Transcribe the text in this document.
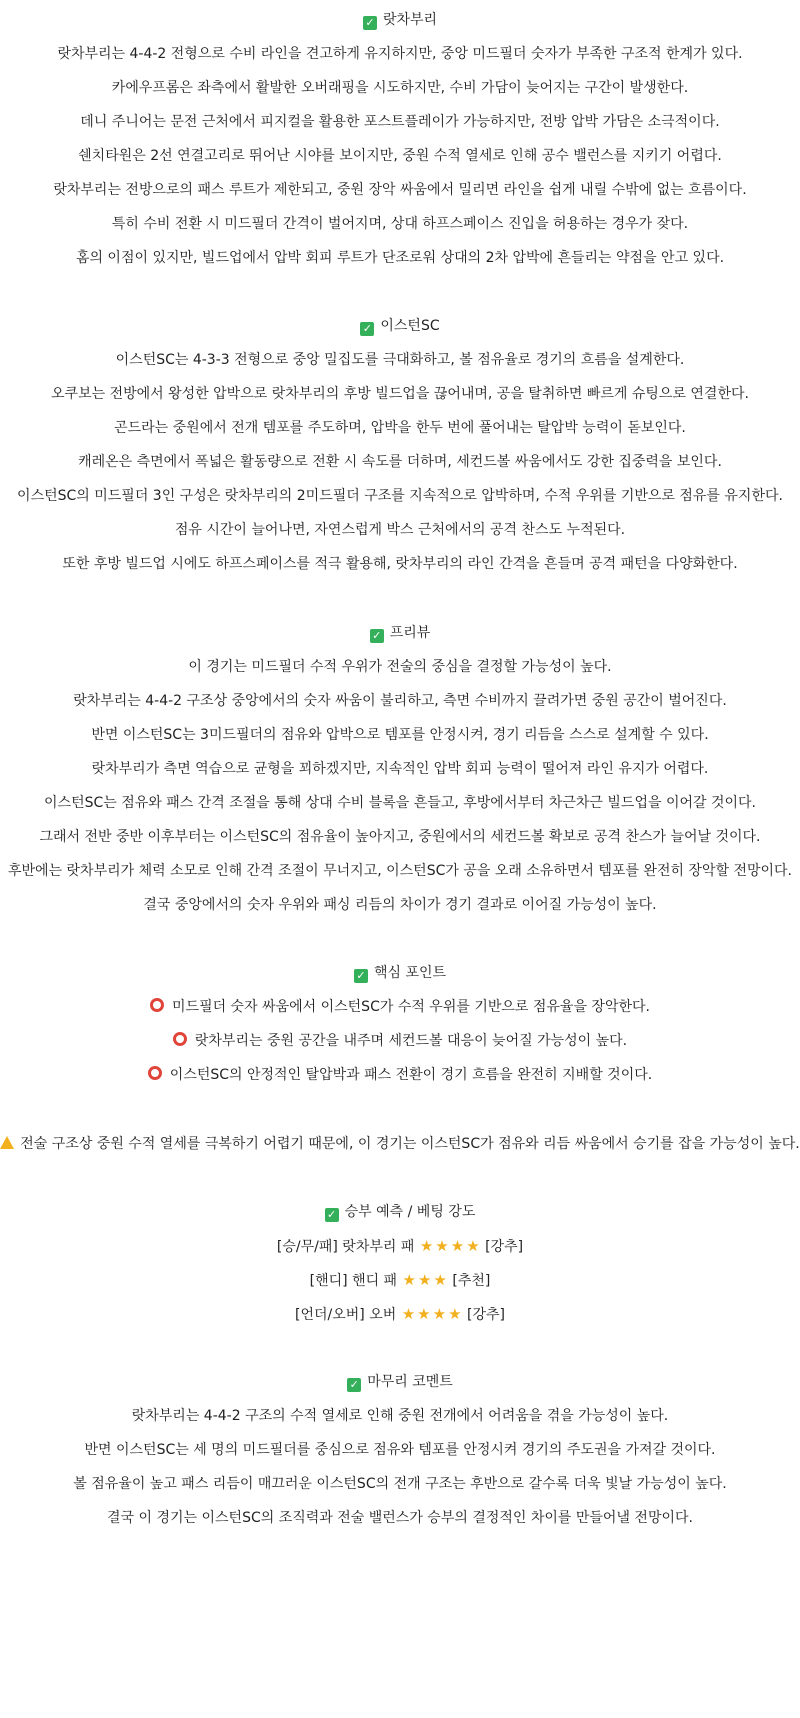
✓ 랏차부리
랏차부리는 4-4-2 전형으로 수비 라인을 견고하게 유지하지만, 중앙 미드필더 숫자가 부족한 구조적 한계가 있다.
카에우프롬은 좌측에서 활발한 오버래핑을 시도하지만, 수비 가담이 늦어지는 구간이 발생한다.
데니 주니어는 문전 근처에서 피지컬을 활용한 포스트플레이가 가능하지만, 전방 압박 가담은 소극적이다.
쉔치타원은 2선 연결고리로 뛰어난 시야를 보이지만, 중원 수적 열세로 인해 공수 밸런스를 지키기 어렵다.
랏차부리는 전방으로의 패스 루트가 제한되고, 중원 장악 싸움에서 밀리면 라인을 쉽게 내릴 수밖에 없는 흐름이다.
특히 수비 전환 시 미드필더 간격이 벌어지며, 상대 하프스페이스 진입을 허용하는 경우가 잦다.
홈의 이점이 있지만, 빌드업에서 압박 회피 루트가 단조로워 상대의 2차 압박에 흔들리는 약점을 안고 있다.
✓ 이스턴SC
이스턴SC는 4-3-3 전형으로 중앙 밀집도를 극대화하고, 볼 점유율로 경기의 흐름을 설계한다.
오쿠보는 전방에서 왕성한 압박으로 랏차부리의 후방 빌드업을 끊어내며, 공을 탈취하면 빠르게 슈팅으로 연결한다.
곤드라는 중원에서 전개 템포를 주도하며, 압박을 한두 번에 풀어내는 탈압박 능력이 돋보인다.
캐레온은 측면에서 폭넓은 활동량으로 전환 시 속도를 더하며, 세컨드볼 싸움에서도 강한 집중력을 보인다.
이스턴SC의 미드필더 3인 구성은 랏차부리의 2미드필더 구조를 지속적으로 압박하며, 수적 우위를 기반으로 점유를 유지한다.
점유 시간이 늘어나면, 자연스럽게 박스 근처에서의 공격 찬스도 누적된다.
또한 후방 빌드업 시에도 하프스페이스를 적극 활용해, 랏차부리의 라인 간격을 흔들며 공격 패턴을 다양화한다.
✓ 프리뷰
이 경기는 미드필더 수적 우위가 전술의 중심을 결정할 가능성이 높다.
랏차부리는 4-4-2 구조상 중앙에서의 숫자 싸움이 불리하고, 측면 수비까지 끌려가면 중원 공간이 벌어진다.
반면 이스턴SC는 3미드필더의 점유와 압박으로 템포를 안정시켜, 경기 리듬을 스스로 설계할 수 있다.
랏차부리가 측면 역습으로 균형을 꾀하겠지만, 지속적인 압박 회피 능력이 떨어져 라인 유지가 어렵다.
이스턴SC는 점유와 패스 간격 조절을 통해 상대 수비 블록을 흔들고, 후방에서부터 차근차근 빌드업을 이어갈 것이다.
그래서 전반 중반 이후부터는 이스턴SC의 점유율이 높아지고, 중원에서의 세컨드볼 확보로 공격 찬스가 늘어날 것이다.
후반에는 랏차부리가 체력 소모로 인해 간격 조절이 무너지고, 이스턴SC가 공을 오래 소유하면서 템포를 완전히 장악할 전망이다.
결국 중앙에서의 숫자 우위와 패싱 리듬의 차이가 경기 결과로 이어질 가능성이 높다.
✓ 핵심 포인트
미드필더 숫자 싸움에서 이스턴SC가 수적 우위를 기반으로 점유율을 장악한다.
랏차부리는 중원 공간을 내주며 세컨드볼 대응이 늦어질 가능성이 높다.
이스턴SC의 안정적인 탈압박과 패스 전환이 경기 흐름을 완전히 지배할 것이다.
전술 구조상 중원 수적 열세를 극복하기 어렵기 때문에, 이 경기는 이스턴SC가 점유와 리듬 싸움에서 승기를 잡을 가능성이 높다.
✓ 승부 예측 / 베팅 강도
[승/무/패] 랏차부리 패 ★ ★ ★ ★ [강추]
[핸디] 핸디 패 ★ ★ ★ [추천]
[언더/오버] 오버 ★ ★ ★ ★ [강추]
✓ 마무리 코멘트
랏차부리는 4-4-2 구조의 수적 열세로 인해 중원 전개에서 어려움을 겪을 가능성이 높다.
반면 이스턴SC는 세 명의 미드필더를 중심으로 점유와 템포를 안정시켜 경기의 주도권을 가져갈 것이다.
볼 점유율이 높고 패스 리듬이 매끄러운 이스턴SC의 전개 구조는 후반으로 갈수록 더욱 빛날 가능성이 높다.
결국 이 경기는 이스턴SC의 조직력과 전술 밸런스가 승부의 결정적인 차이를 만들어낼 전망이다.
